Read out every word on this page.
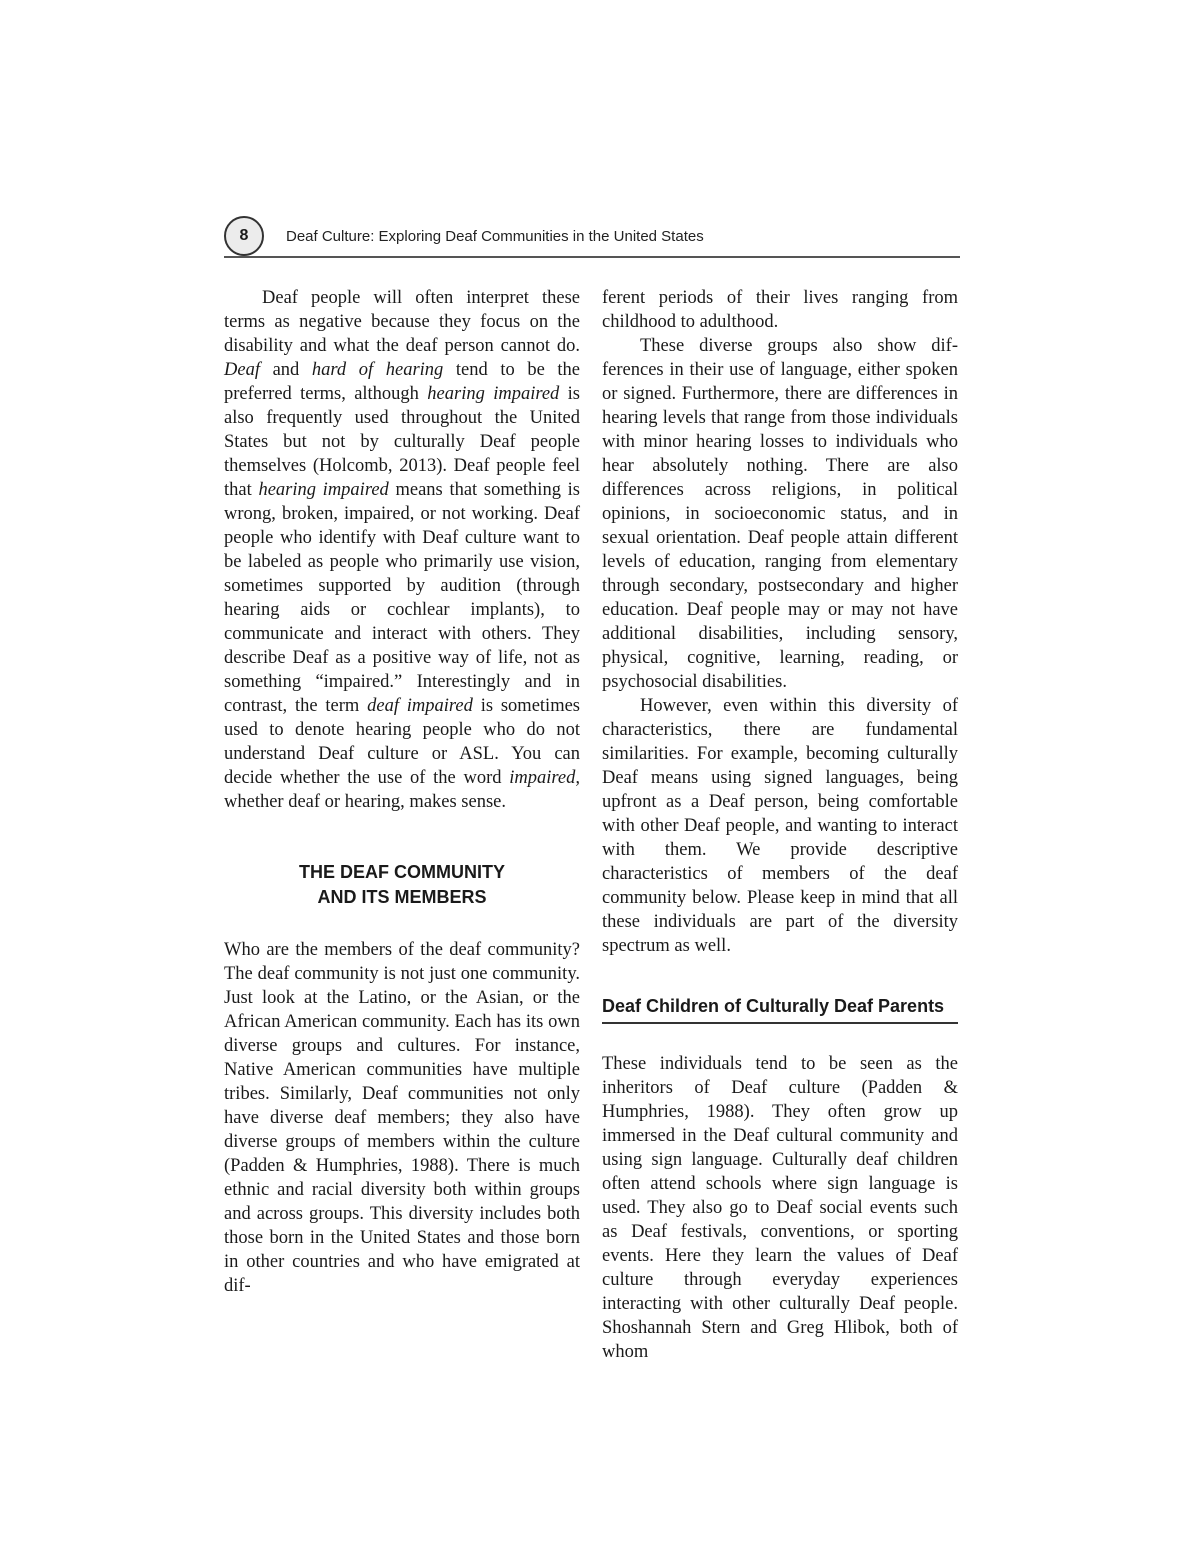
8	Deaf Culture: Exploring Deaf Communities in the United States

Deaf people will often interpret these terms as negative because they focus on the disability and what the deaf person cannot do. Deaf and hard of hearing tend to be the preferred terms, although hearing impaired is also frequently used throughout the United States but not by culturally Deaf people themselves (Holcomb, 2013). Deaf people feel that hearing impaired means that something is wrong, broken, impaired, or not working. Deaf people who identify with Deaf culture want to be labeled as people who primarily use vision, sometimes supported by audition (through hearing aids or cochlear implants), to communicate and interact with others. They describe Deaf as a positive way of life, not as something “impaired.” Interestingly and in contrast, the term deaf impaired is sometimes used to denote hearing people who do not understand Deaf culture or ASL. You can decide whether the use of the word impaired, whether deaf or hearing, makes sense.

THE DEAF COMMUNITY
AND ITS MEMBERS

Who are the members of the deaf community? The deaf community is not just one community. Just look at the Latino, or the Asian, or the African American community. Each has its own diverse groups and cultures. For instance, Native American communities have multiple tribes. Similarly, Deaf communities not only have diverse deaf members; they also have diverse groups of members within the culture (Padden & Humphries, 1988). There is much ethnic and racial diversity both within groups and across groups. This diversity includes both those born in the United States and those born in other countries and who have emigrated at dif-

ferent periods of their lives ranging from childhood to adulthood.

These diverse groups also show differences in their use of language, either spoken or signed. Furthermore, there are differences in hearing levels that range from those individuals with minor hearing losses to individuals who hear absolutely nothing. There are also differences across religions, in political opinions, in socioeconomic status, and in sexual orientation. Deaf people attain different levels of education, ranging from elementary through secondary, postsecondary and higher education. Deaf people may or may not have additional disabilities, including sensory, physical, cognitive, learning, reading, or psychosocial disabilities.

However, even within this diversity of characteristics, there are fundamental similarities. For example, becoming culturally Deaf means using signed languages, being upfront as a Deaf person, being comfortable with other Deaf people, and wanting to interact with them. We provide descriptive characteristics of members of the deaf community below. Please keep in mind that all these individuals are part of the diversity spectrum as well.

Deaf Children of Culturally Deaf Parents

These individuals tend to be seen as the inheritors of Deaf culture (Padden & Humphries, 1988). They often grow up immersed in the Deaf cultural community and using sign language. Culturally deaf children often attend schools where sign language is used. They also go to Deaf social events such as Deaf festivals, conventions, or sporting events. Here they learn the values of Deaf culture through everyday experiences interacting with other culturally Deaf people. Shoshannah Stern and Greg Hlibok, both of whom
